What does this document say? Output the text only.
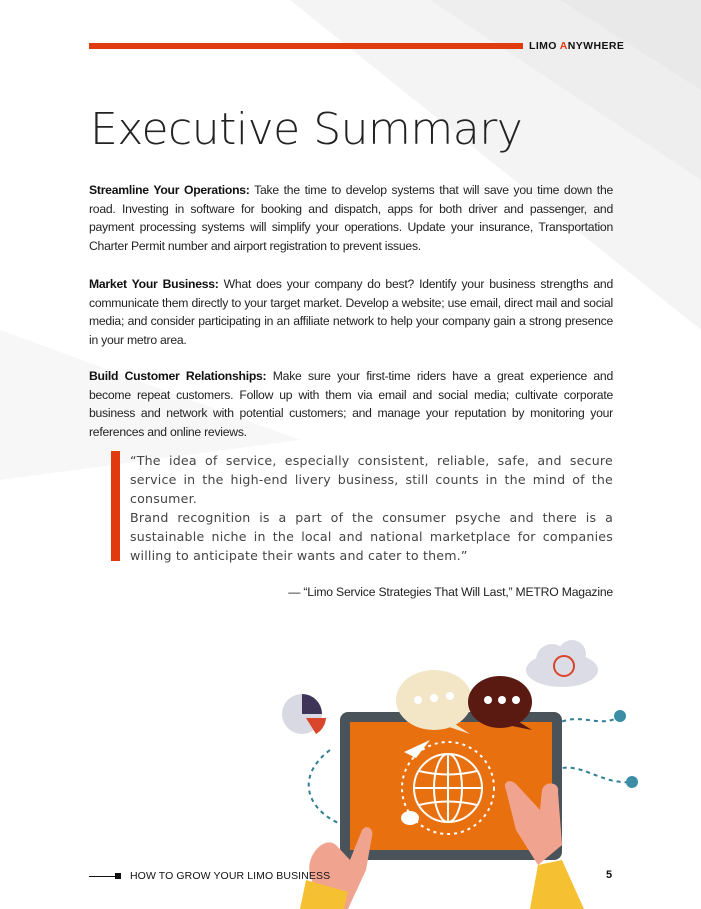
LIMO ANYWHERE
Executive Summary
Streamline Your Operations: Take the time to develop systems that will save you time down the road. Investing in software for booking and dispatch, apps for both driver and passenger, and payment processing systems will simplify your operations. Update your insurance, Transportation Charter Permit number and airport registration to prevent issues.
Market Your Business: What does your company do best? Identify your business strengths and communicate them directly to your target market. Develop a website; use email, direct mail and social media; and consider participating in an affiliate network to help your company gain a strong presence in your metro area.
Build Customer Relationships: Make sure your first-time riders have a great experience and become repeat customers. Follow up with them via email and social media; cultivate corporate business and network with potential customers; and manage your reputation by monitoring your references and online reviews.
“The idea of service, especially consistent, reliable, safe, and secure service in the high-end livery business, still counts in the mind of the consumer.
Brand recognition is a part of the consumer psyche and there is a sustainable niche in the local and national marketplace for companies willing to anticipate their wants and cater to them.”
— “Limo Service Strategies That Will Last,” METRO Magazine
HOW TO GROW YOUR LIMO BUSINESS	5
